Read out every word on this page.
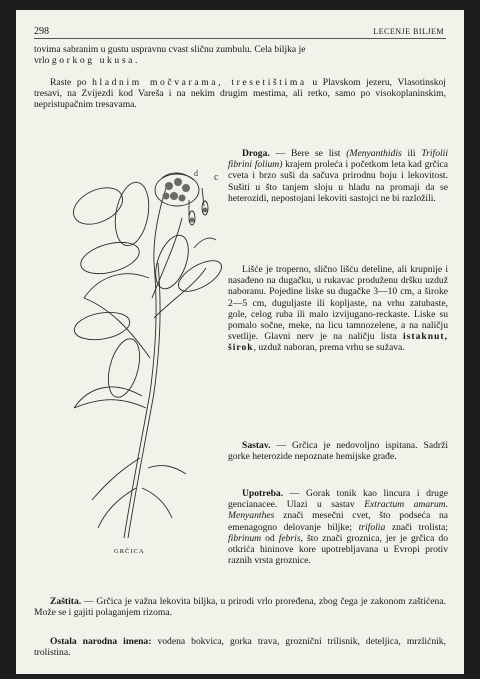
298	LECENJE BILJEM

tovima sabranim u gustu uspravnu cvast sličnu zumbulu. Cela biljka je
vrlo gorkog ukusa.

Raste po hladnim močvarama, tresetištima u Plavskom jezeru, Vlasotinskoj tresavi, na Zvijezdi kod Vareša i na nekim drugim mestima, ali retko, samo po visokoplaninskim, nepristupačnim tresavama.

c
d
GRČICA

Droga. — Bere se list (Menyanthidis ili Trifolii fibrini folium) krajem proleća i početkom leta kad grčica cveta i brzo suši da sačuva prirodnu boju i lekovitost. Sušiti u što tanjem sloju u hladu na promaji da se heterozidi, nepostojani lekoviti sastojci ne bi razložili.

Lišće je troperno, slično lišću deteline, ali krupnije i nasađeno na dugačku, u rukavac produženu dršku uzduž naboranu. Pojedine liske su dugačke 3—10 cm, a široke 2—5 cm, duguljaste ili kopljaste, na vrhu zatubaste, gole, celog ruba ili malo izvijugano-reckaste. Liske su pomalo sočne, meke, na licu tamnozelene, a na naličju svetlije. Glavni nerv je na naličju lista istaknut, širok, uzduž naboran, prema vrhu se sužava.

Sastav. — Grčica je nedovoljno ispitana. Sadrži gorke heterozide nepoznate hemijske građe.

Upotreba. — Gorak tonik kao lincura i druge gencianacee. Ulazi u sastav Extractum amarum. Menyanthes znači mesečni cvet, što podseća na emenagogno delovanje biljke; trifolia znači trolista; fibrinum od febris, što znači groznica, jer je grčica do otkrića hininove kore upotrebljavana u Evropi protiv raznih vrsta groznice.

Zaštita. — Grčica je važna lekovita biljka, u prirodi vrlo proređena, zbog čega je zakonom zaštićena. Može se i gajiti polaganjem rizoma.

Ostala narodna imena: vodena bokvica, gorka trava, grozniční trilisnik, deteljica, mrzlićnik, trolistina.
